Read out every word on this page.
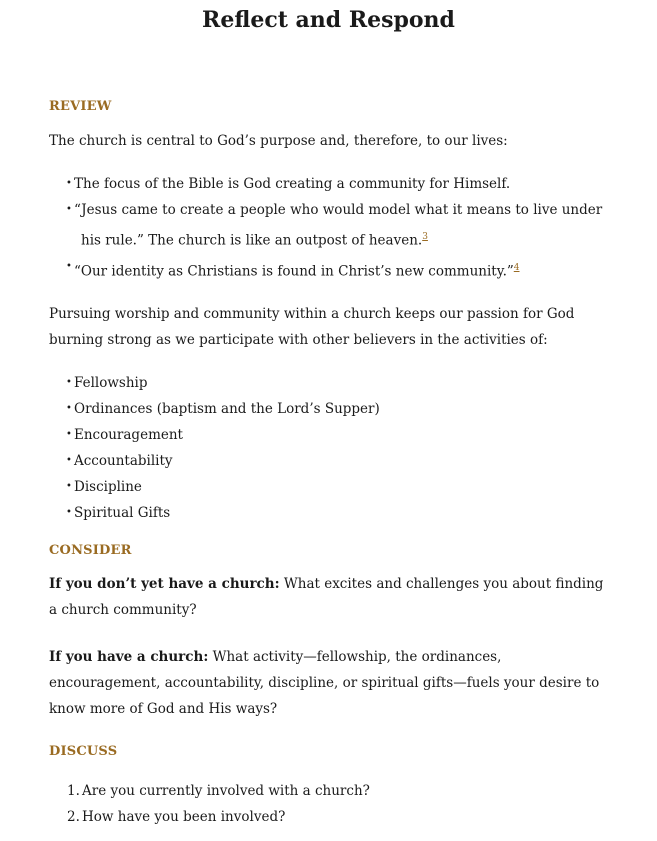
Reflect and Respond
REVIEW

The church is central to God’s purpose and, therefore, to our lives:

• The focus of the Bible is God creating a community for Himself.
• “Jesus came to create a people who would model what it means to live under his rule.” The church is like an outpost of heaven.$^3$
• “Our identity as Christians is found in Christ’s new community.”$^4$

Pursuing worship and community within a church keeps our passion for God burning strong as we participate with other believers in the activities of:

• Fellowship
• Ordinances (baptism and the Lord’s Supper)
• Encouragement
• Accountability
• Discipline
• Spiritual Gifts
CONSIDER

If you don’t yet have a church: What excites and challenges you about finding a church community?

If you have a church: What activity—fellowship, the ordinances, encouragement, accountability, discipline, or spiritual gifts—fuels your desire to know more of God and His ways?

DISCUSS
1. Are you currently involved with a church?
2. How have you been involved?
